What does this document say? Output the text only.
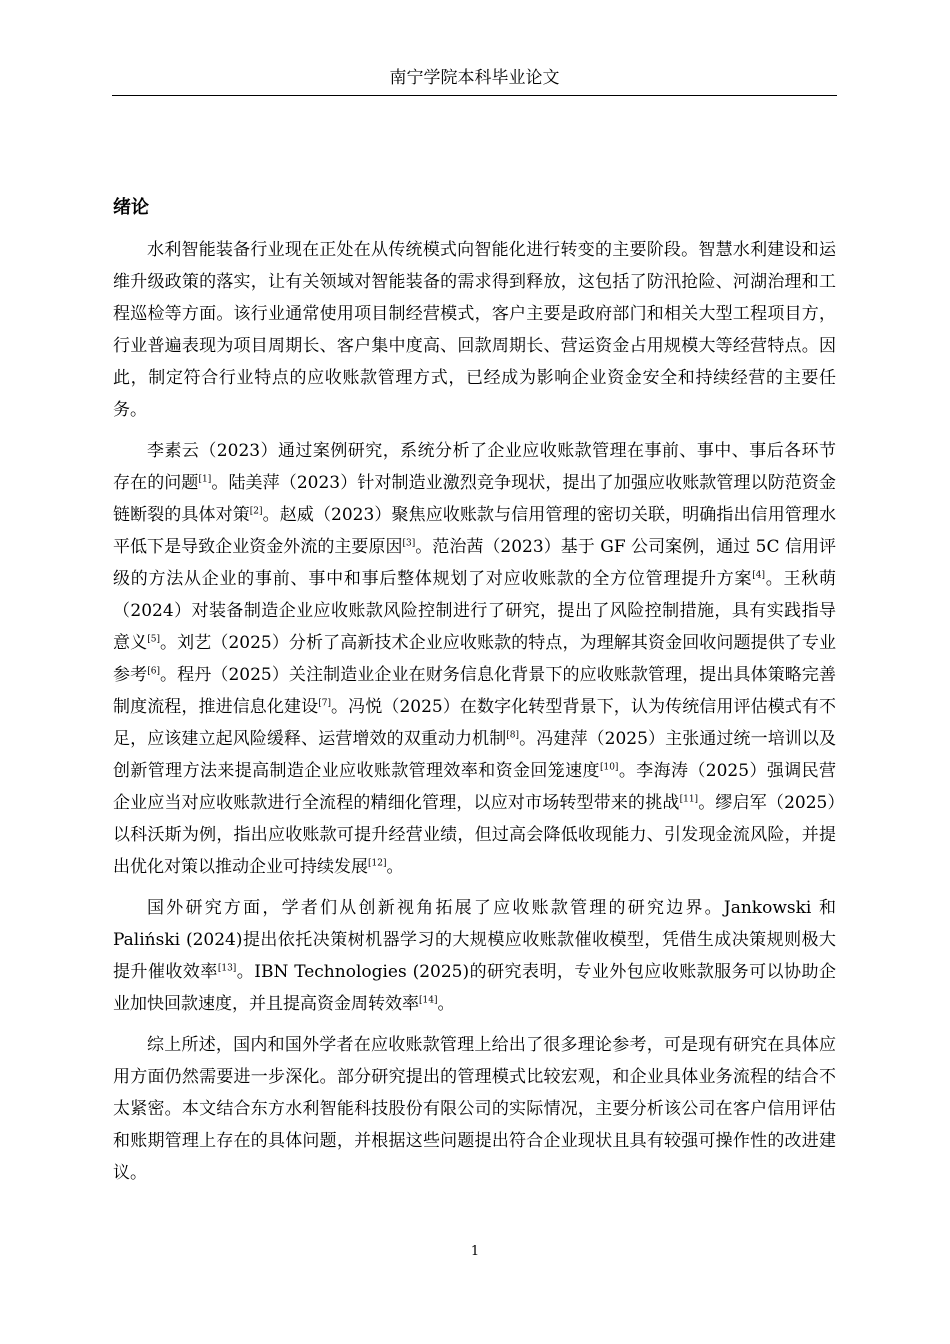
南宁学院本科毕业论文
绪论

水利智能装备行业现在正处在从传统模式向智能化进行转变的主要阶段。智慧水利建设和运维升级政策的落实，让有关领域对智能装备的需求得到释放，这包括了防汛抢险、河湖治理和工程巡检等方面。该行业通常使用项目制经营模式，客户主要是政府部门和相关大型工程项目方，行业普遍表现为项目周期长、客户集中度高、回款周期长、营运资金占用规模大等经营特点。因此，制定符合行业特点的应收账款管理方式，已经成为影响企业资金安全和持续经营的主要任务。

李素云（2023）通过案例研究，系统分析了企业应收账款管理在事前、事中、事后各环节存在的问题[1]。陆美萍（2023）针对制造业激烈竞争现状，提出了加强应收账款管理以防范资金链断裂的具体对策[2]。赵威（2023）聚焦应收账款与信用管理的密切关联，明确指出信用管理水平低下是导致企业资金外流的主要原因[3]。范治茜（2023）基于 GF 公司案例，通过 5C 信用评级的方法从企业的事前、事中和事后整体规划了对应收账款的全方位管理提升方案[4]。王秋萌（2024）对装备制造企业应收账款风险控制进行了研究，提出了风险控制措施，具有实践指导意义[5]。刘艺（2025）分析了高新技术企业应收账款的特点，为理解其资金回收问题提供了专业参考[6]。程丹（2025）关注制造业企业在财务信息化背景下的应收账款管理，提出具体策略完善制度流程，推进信息化建设[7]。冯悦（2025）在数字化转型背景下，认为传统信用评估模式有不足，应该建立起风险缓释、运营增效的双重动力机制[8]。冯建萍（2025）主张通过统一培训以及创新管理方法来提高制造企业应收账款管理效率和资金回笼速度[10]。李海涛（2025）强调民营企业应当对应收账款进行全流程的精细化管理，以应对市场转型带来的挑战[11]。缪启军（2025）以科沃斯为例，指出应收账款可提升经营业绩，但过高会降低收现能力、引发现金流风险，并提出优化对策以推动企业可持续发展[12]。

国外研究方面，学者们从创新视角拓展了应收账款管理的研究边界。Jankowski 和 Paliński (2024)提出依托决策树机器学习的大规模应收账款催收模型，凭借生成决策规则极大提升催收效率[13]。IBN Technologies (2025)的研究表明，专业外包应收账款服务可以协助企业加快回款速度，并且提高资金周转效率[14]。

综上所述，国内和国外学者在应收账款管理上给出了很多理论参考，可是现有研究在具体应用方面仍然需要进一步深化。部分研究提出的管理模式比较宏观，和企业具体业务流程的结合不太紧密。本文结合东方水利智能科技股份有限公司的实际情况，主要分析该公司在客户信用评估和账期管理上存在的具体问题，并根据这些问题提出符合企业现状且具有较强可操作性的改进建议。

1
